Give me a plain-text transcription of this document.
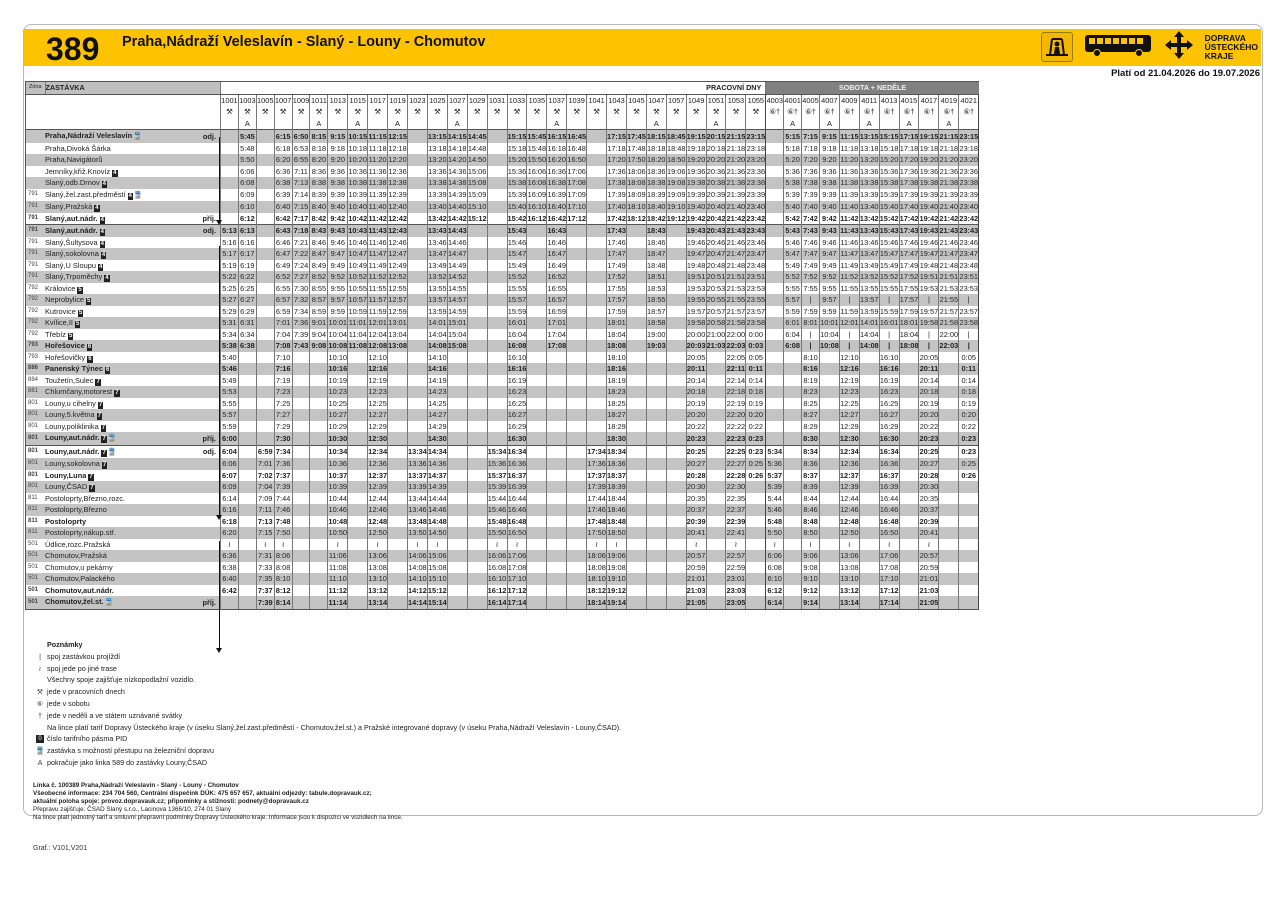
389 Praha,Nádraží Veleslavín - Slaný - Louny - Chomutov	DOPRAVA
ÚSTECKÉHO
KRAJE
Platí od 21.04.2026 do 19.07.2026
Zóna	ZASTÁVKA		PRACOVNÍ DNY																												SOBOTA + NEDĚLE										
			1001	1003	1005	1007	1009	1011	1013	1015	1017	1019	1023	1025	1027	1029	1031	1033	1035	1037	1039	1041	1043	1045	1047	1057	1049	1051	1053	1055	4003	4001	4005	4007	4009	4011	4013	4015	4017	4019	4021
			⚒	⚒	⚒	⚒	⚒	⚒	⚒	⚒	⚒	⚒	⚒	⚒	⚒	⚒	⚒	⚒	⚒	⚒	⚒	⚒	⚒	⚒	⚒	⚒	⚒	⚒	⚒	⚒	⑥†	⑥†	⑥†	⑥†	⑥†	⑥†	⑥†	⑥†	⑥†	⑥†	⑥†
				A				A		A		A			A					A					A			A				A		A		A		A		A	
	Praha,Nádraží Veleslavín🚆	odj.		5:45		6:15	6:50	8:15	9:15	10:15	11:15	12:15		13:15	14:15	14:45		15:15	15:45	16:15	16:45		17:15	17:45	18:15	18:45	19:15	20:15	21:15	23:15		5:15	7:15	9:15	11:15	13:15	15:15	17:15	19:15	21:15	23:15
	Praha,Divoká Šárka			5:48		6:18	6:53	8:18	9:18	10:18	11:18	12:18		13:18	14:18	14:48		15:18	15:48	16:18	16:48		17:18	17:48	18:18	18:48	19:18	20:18	21:18	23:18		5:18	7:18	9:18	11:18	13:18	15:18	17:18	19:18	21:18	23:18
	Praha,Navigátorů			5:50		6:20	6:55	8:20	9:20	10:20	11:20	12:20		13:20	14:20	14:50		15:20	15:50	16:20	16:50		17:20	17:50	18:20	18:50	19:20	20:20	21:20	23:20		5:20	7:20	9:20	11:20	13:20	15:20	17:20	19:20	21:20	23:20
	Jemníky,křiž.Knovíz 4			6:06		6:36	7:11	8:36	9:36	10:36	11:36	12:36		13:36	14:36	15:06		15:36	16:06	16:36	17:06		17:36	18:06	18:36	19:06	19:36	20:36	21:36	23:36		5:36	7:36	9:36	11:36	13:36	15:36	17:36	19:36	21:36	23:36
	Slaný,odb.Drnov 4			6:08		6:38	7:13	8:38	9:38	10:38	11:38	12:38		13:38	14:38	15:08		15:38	16:08	16:38	17:08		17:38	18:08	18:38	19:08	19:38	20:38	21:38	23:38		5:38	7:38	9:38	11:38	13:38	15:38	17:38	19:38	21:38	23:38
791	Slaný,žel.zast.předměstí 4 🚆			6:09		6:39	7:14	8:39	9:39	10:39	11:39	12:39		13:39	14:39	15:09		15:39	16:09	16:39	17:09		17:39	18:09	18:39	19:09	19:39	20:39	21:39	23:39		5:39	7:39	9:39	11:39	13:39	15:39	17:39	19:39	21:39	23:39
791	Slaný,Pražská 4			6:10		6:40	7:15	8:40	9:40	10:40	11:40	12:40		13:40	14:40	15:10		15:40	16:10	16:40	17:10		17:40	18:10	18:40	19:10	19:40	20:40	21:40	23:40		5:40	7:40	9:40	11:40	13:40	15:40	17:40	19:40	21:40	23:40
791	Slaný,aut.nádr. 4	příj.		6:12		6:42	7:17	8:42	9:42	10:42	11:42	12:42		13:42	14:42	15:12		15:42	16:12	16:42	17:12		17:42	18:12	18:42	19:12	19:42	20:42	21:42	23:42		5:42	7:42	9:42	11:42	13:42	15:42	17:42	19:42	21:42	23:42
791	Slaný,aut.nádr. 4	odj.	5:13	6:13		6:43	7:18	8:43	9:43	10:43	11:43	12:43		13:43	14:43			15:43		16:43			17:43		18:43		19:43	20:43	21:43	23:43		5:43	7:43	9:43	11:43	13:43	15:43	17:43	19:43	21:43	23:43
791	Slaný,Šultysova 4		5:16	6:16		6:46	7:21	8:46	9:46	10:46	11:46	12:46		13:46	14:46			15:46		16:46			17:46		18:46		19:46	20:46	21:46	23:46		5:46	7:46	9:46	11:46	13:46	15:46	17:46	19:46	21:46	23:46
791	Slaný,sokolovna 4		5:17	6:17		6:47	7:22	8:47	9:47	10:47	11:47	12:47		13:47	14:47			15:47		16:47			17:47		18:47		19:47	20:47	21:47	23:47		5:47	7:47	9:47	11:47	13:47	15:47	17:47	19:47	21:47	23:47
791	Slaný,U Sloupu 4		5:19	6:19		6:49	7:24	8:49	9:49	10:49	11:49	12:49		13:49	14:49			15:49		16:49			17:49		18:48		19:48	20:48	21:48	23:48		5:49	7:49	9:49	11:49	13:49	15:49	17:49	19:48	21:48	23:48
791	Slaný,Trpoměchy 4		5:22	6:22		6:52	7:27	8:52	9:52	10:52	11:52	12:52		13:52	14:52			15:52		16:52			17:52		18:51		19:51	20:51	21:51	23:51		5:52	7:52	9:52	11:52	13:52	15:52	17:52	19:51	21:51	23:51
792	Královice 5		5:25	6:25		6:55	7:30	8:55	9:55	10:55	11:55	12:55		13:55	14:55			15:55		16:55			17:55		18:53		19:53	20:53	21:53	23:53		5:55	7:55	9:55	11:55	13:55	15:55	17:55	19:53	21:53	23:53
792	Neprobylice 5		5:27	6:27		6:57	7:32	8:57	9:57	10:57	11:57	12:57		13:57	14:57			15:57		16:57			17:57		18:55		19:55	20:55	21:55	23:55		5:57	|	9:57	|	13:57	|	17:57	|	21:55	|
792	Kutrovice 5		5:29	6:29		6:59	7:34	8:59	9:59	10:59	11:59	12:59		13:59	14:59			15:59		16:59			17:59		18:57		19:57	20:57	21:57	23:57		5:59	7:59	9:59	11:59	13:59	15:59	17:59	19:57	21:57	23:57
792	Kvílice,II 5		5:31	6:31		7:01	7:36	9:01	10:01	11:01	12:01	13:01		14:01	15:01			16:01		17:01			18:01		18:58		19:58	20:58	21:58	23:58		6:01	8:01	10:01	12:01	14:01	16:01	18:01	19:58	21:58	23:58
792	Třebíz 5		5:34	6:34		7:04	7:39	9:04	10:04	11:04	12:04	13:04		14:04	15:04			16:04		17:04			18:04		19:00		20:00	21:00	22:00	0:00		6:04	|	10:04	|	14:04	|	18:04	|	22:00	|
793	Hořešovice 6		5:38	6:38		7:08	7:43	9:08	10:08	11:08	12:08	13:08		14:08	15:08			16:08		17:08			18:08		19:03		20:03	21:03	22:03	0:03		6:08	|	10:08	|	14:08	|	18:08	|	22:03	|
793	Hořešovičky 6		5:40			7:10			10:10		12:10			14:10				16:10					18:10				20:05		22:05	0:05			8:10		12:10		16:10		20:05		0:05
886	Panenský Týnec 6		5:46			7:16			10:16		12:16			14:16				16:16					18:16				20:11		22:11	0:11			8:16		12:16		16:16		20:11		0:11
884	Toužetín,Sulec 7		5:49			7:19			10:19		12:19			14:19				16:19					18:19				20:14		22:14	0:14			8:19		12:19		16:19		20:14		0:14
881	Chlumčany,motorest 7		5:53			7:23			10:23		12:23			14:23				16:23					18:23				20:18		22:18	0:18			8:23		12:23		16:23		20:18		0:18
801	Louny,u cihelny 7		5:55			7:25			10:25		12:25			14:25				16:25					18:25				20:19		22:19	0:19			8:25		12:25		16:25		20:19		0:19
801	Louny,5.května 7		5:57			7:27			10:27		12:27			14:27				16:27					18:27				20:20		22:20	0:20			8:27		12:27		16:27		20:20		0:20
801	Louny,poliklinika 7		5:59			7:29			10:29		12:29			14:29				16:29					18:29				20:22		22:22	0:22			8:29		12:29		16:29		20:22		0:22
801	Louny,aut.nádr. 7 🚆	příj.	6:00			7:30			10:30		12:30			14:30				16:30					18:30				20:23		22:23	0:23			8:30		12:30		16:30		20:23		0:23
801	Louny,aut.nádr. 7 🚆	odj.	6:04		6:59	7:34			10:34		12:34		13:34	14:34			15:34	16:34				17:34	18:34				20:25		22:25	0:23	5:34		8:34		12:34		16:34		20:25		0:23
801	Louny,sokolovna 7		6:06		7:01	7:36			10:36		12:36		13:36	14:36			15:36	16:36				17:36	18:36				20:27		22:27	0:25	5:36		8:36		12:36		16:36		20:27		0:25
801	Louny,Luna 7		6:07		7:02	7:37			10:37		12:37		13:37	14:37			15:37	16:37				17:37	18:37				20:28		22:28	0:26	5:37		8:37		12:37		16:37		20:28		0:26
801	Louny,ČSAD 7		6:09		7:04	7:39			10:39		12:39		13:39	14:39			15:39	16:39				17:39	18:39				20:30		22:30		5:39		8:39		12:39		16:39		20:30		
811	Postoloprty,Březno,rozc.		6:14		7:09	7:44			10:44		12:44		13:44	14:44			15:44	16:44				17:44	18:44				20:35		22:35		5:44		8:44		12:44		16:44		20:35		
811	Postoloprty,Březno		6:16		7:11	7:46			10:46		12:46		13:46	14:46			15:46	16:46				17:46	18:46				20:37		22:37		5:46		8:46		12:46		16:46		20:37		
811	Postoloprty		6:18		7:13	7:48			10:48		12:48		13:48	14:48			15:48	16:48				17:48	18:48				20:39		22:39		5:48		8:48		12:48		16:48		20:39		
811	Postoloprty,nákup.stř.		6:20		7:15	7:50			10:50		12:50		13:50	14:50			15:50	16:50				17:50	18:50				20:41		22:41		5:50		8:50		12:50		16:50		20:41		
501	Údlice,rozc.Pražská		≀		≀	≀			≀		≀		≀	≀			≀	≀				≀	≀				≀		≀		≀		≀		≀		≀		≀		
501	Chomutov,Pražská		6:36		7:31	8:06			11:06		13:06		14:06	15:06			16:06	17:06				18:06	19:06				20:57		22:57		6:06		9:06		13:06		17:06		20:57		
501	Chomutov,u pekárny		6:38		7:33	8:08			11:08		13:08		14:08	15:08			16:08	17:08				18:08	19:08				20:59		22:59		6:08		9:08		13:08		17:08		20:59		
501	Chomutov,Palackého		6:40		7:35	8:10			11:10		13:10		14:10	15:10			16:10	17:10				18:10	19:10				21:01		23:01		6:10		9:10		13:10		17:10		21:01		
501	Chomutov,aut.nádr.		6:42		7:37	8:12			11:12		13:12		14:12	15:12			16:12	17:12				18:12	19:12				21:03		23:03		6:12		9:12		13:12		17:12		21:03		
501	Chomutov,žel.st.🚆	příj.			7:39	8:14			11:14		13:14		14:14	15:14			16:14	17:14				18:14	19:14				21:05		23:05		6:14		9:14		13:14		17:14		21:05		
Poznámky
| spoj zastávkou projíždí
≀ spoj jede po jiné trase
Všechny spoje zajišťuje nízkopodlažní vozidlo.
⚒ jede v pracovních dnech
⑥ jede v sobotu
† jede v neděli a ve státem uznávané svátky
Na lince platí tarif Dopravy Ústeckého kraje (v úseku Slaný,žel.zast.předměstí - Chomutov,žel.st.) a Pražské integrované dopravy (v úseku Praha,Nádraží Veleslavín - Louny,ČSAD).
0 číslo tarifního pásma PID
🚆 zastávka s možností přestupu na železniční dopravu
A pokračuje jako linka 589 do zastávky Louny,ČSAD
Linka č. 100389 Praha,Nádraží Veleslavín - Slaný - Louny - Chomutov
Všeobecné informace: 234 704 560, Centrální dispečink DÚK: 475 657 657, aktuální odjezdy: tabule.dopravauk.cz;
aktuální poloha spoje: provoz.dopravauk.cz; připomínky a stížnosti: podnety@dopravauk.cz
Přepravu zajišťuje: ČSAD Slaný s.r.o., Lacinova 1366/10, 274 01 Slaný
Na lince platí jednotný tarif a smluvní přepravní podmínky Dopravy Ústeckého kraje. Informace jsou k dispozici ve vozidlech na lince.
Graf.: V101,V201
